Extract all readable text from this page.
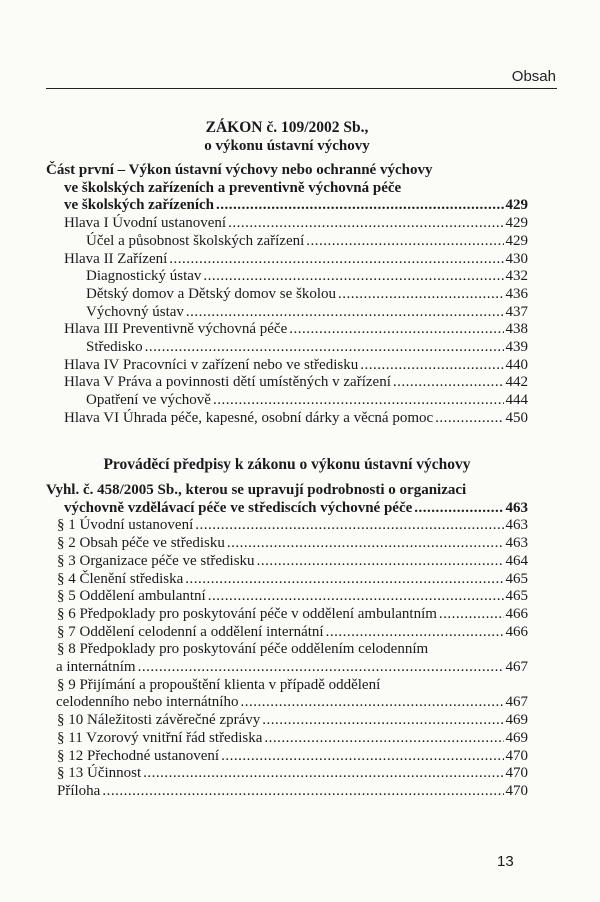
Obsah
ZÁKON č. 109/2002 Sb.,
o výkonu ústavní výchovy
Část první – Výkon ústavní výchovy nebo ochranné výchovy
ve školských zařízeních a preventivně výchovná péče
ve školských zařízeních .....	429
Hlava I Úvodní ustanovení .....	429
Účel a působnost školských zařízení .....	429
Hlava II Zařízení .....	430
Diagnostický ústav .....	432
Dětský domov a Dětský domov se školou .....	436
Výchovný ústav .....	437
Hlava III Preventivně výchovná péče .....	438
Středisko .....	439
Hlava IV Pracovníci v zařízení nebo ve středisku .....	440
Hlava V Práva a povinnosti dětí umístěných v zařízení .....	442
Opatření ve výchově .....	444
Hlava VI Úhrada péče, kapesné, osobní dárky a věcná pomoc .....	450
Prováděcí předpisy k zákonu o výkonu ústavní výchovy
Vyhl. č. 458/2005 Sb., kterou se upravují podrobnosti o organizaci
výchovně vzdělávací péče ve střediscích výchovné péče .....	463
§ 1 Úvodní ustanovení .....	463
§ 2 Obsah péče ve středisku .....	463
§ 3 Organizace péče ve středisku .....	464
§ 4 Členění střediska .....	465
§ 5 Oddělení ambulantní .....	465
§ 6 Předpoklady pro poskytování péče v oddělení ambulantním .....	466
§ 7 Oddělení celodenní a oddělení internátní .....	466
§ 8 Předpoklady pro poskytování péče oddělením celodenním
a internátním .....	467
§ 9 Přijímání a propouštění klienta v případě oddělení
celodenního nebo internátního .....	467
§ 10 Náležitosti závěrečné zprávy .....	469
§ 11 Vzorový vnitřní řád střediska .....	469
§ 12 Přechodné ustanovení .....	470
§ 13 Účinnost .....	470
Příloha .....	470
13
